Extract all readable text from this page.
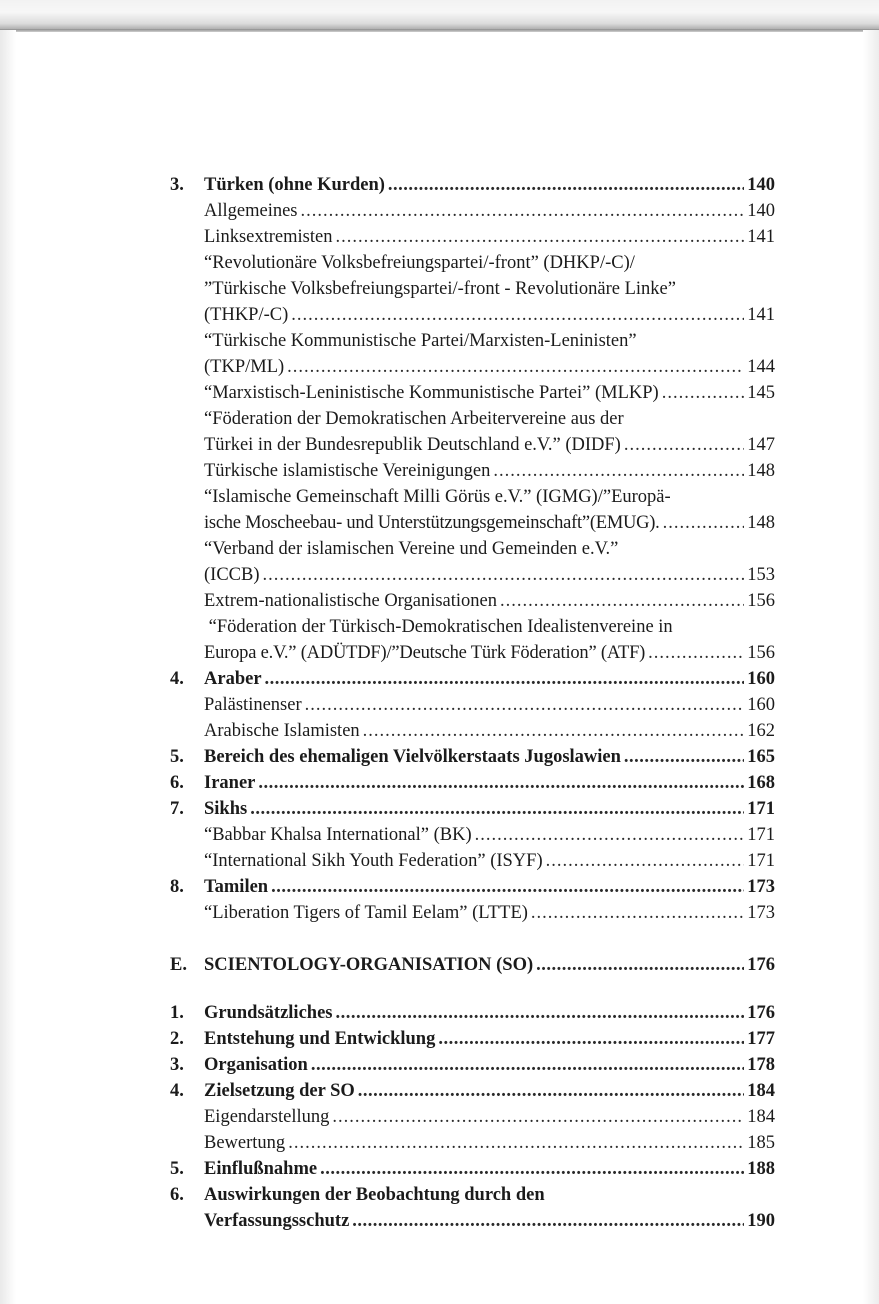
3. Türken (ohne Kurden) .....	140
Allgemeines .....	140
Linksextremisten .....	141
“Revolutionäre Volksbefreiungspartei/-front” (DHKP/-C)/
”Türkische Volksbefreiungspartei/-front - Revolutionäre Linke”
(THKP/-C) .....	141
“Türkische Kommunistische Partei/Marxisten-Leninisten”
(TKP/ML) .....	144
“Marxistisch-Leninistische Kommunistische Partei” (MLKP) .....	145
“Föderation der Demokratischen Arbeitervereine aus der
Türkei in der Bundesrepublik Deutschland e.V.” (DIDF) .....	147
Türkische islamistische Vereinigungen .....	148
“Islamische Gemeinschaft Milli Görüs e.V.” (IGMG)/”Europä-
ische Moscheebau- und Unterstützungsgemeinschaft”(EMUG). .....	148
“Verband der islamischen Vereine und Gemeinden e.V.”
(ICCB) .....	153
Extrem-nationalistische Organisationen .....	156
“Föderation der Türkisch-Demokratischen Idealistenvereine in
Europa e.V.” (ADÜTDF)/”Deutsche Türk Föderation” (ATF) .....	156
4. Araber .....	160
Palästinenser .....	160
Arabische Islamisten .....	162
5. Bereich des ehemaligen Vielvölkerstaats Jugoslawien .....	165
6. Iraner .....	168
7. Sikhs .....	171
“Babbar Khalsa International” (BK) .....	171
“International Sikh Youth Federation” (ISYF) .....	171
8. Tamilen .....	173
“Liberation Tigers of Tamil Eelam” (LTTE) .....	173
E. SCIENTOLOGY-ORGANISATION (SO) .....	176
1. Grundsätzliches .....	176
2. Entstehung und Entwicklung .....	177
3. Organisation .....	178
4. Zielsetzung der SO .....	184
Eigendarstellung .....	184
Bewertung .....	185
5. Einflußnahme .....	188
6. Auswirkungen der Beobachtung durch den
Verfassungsschutz .....	190
